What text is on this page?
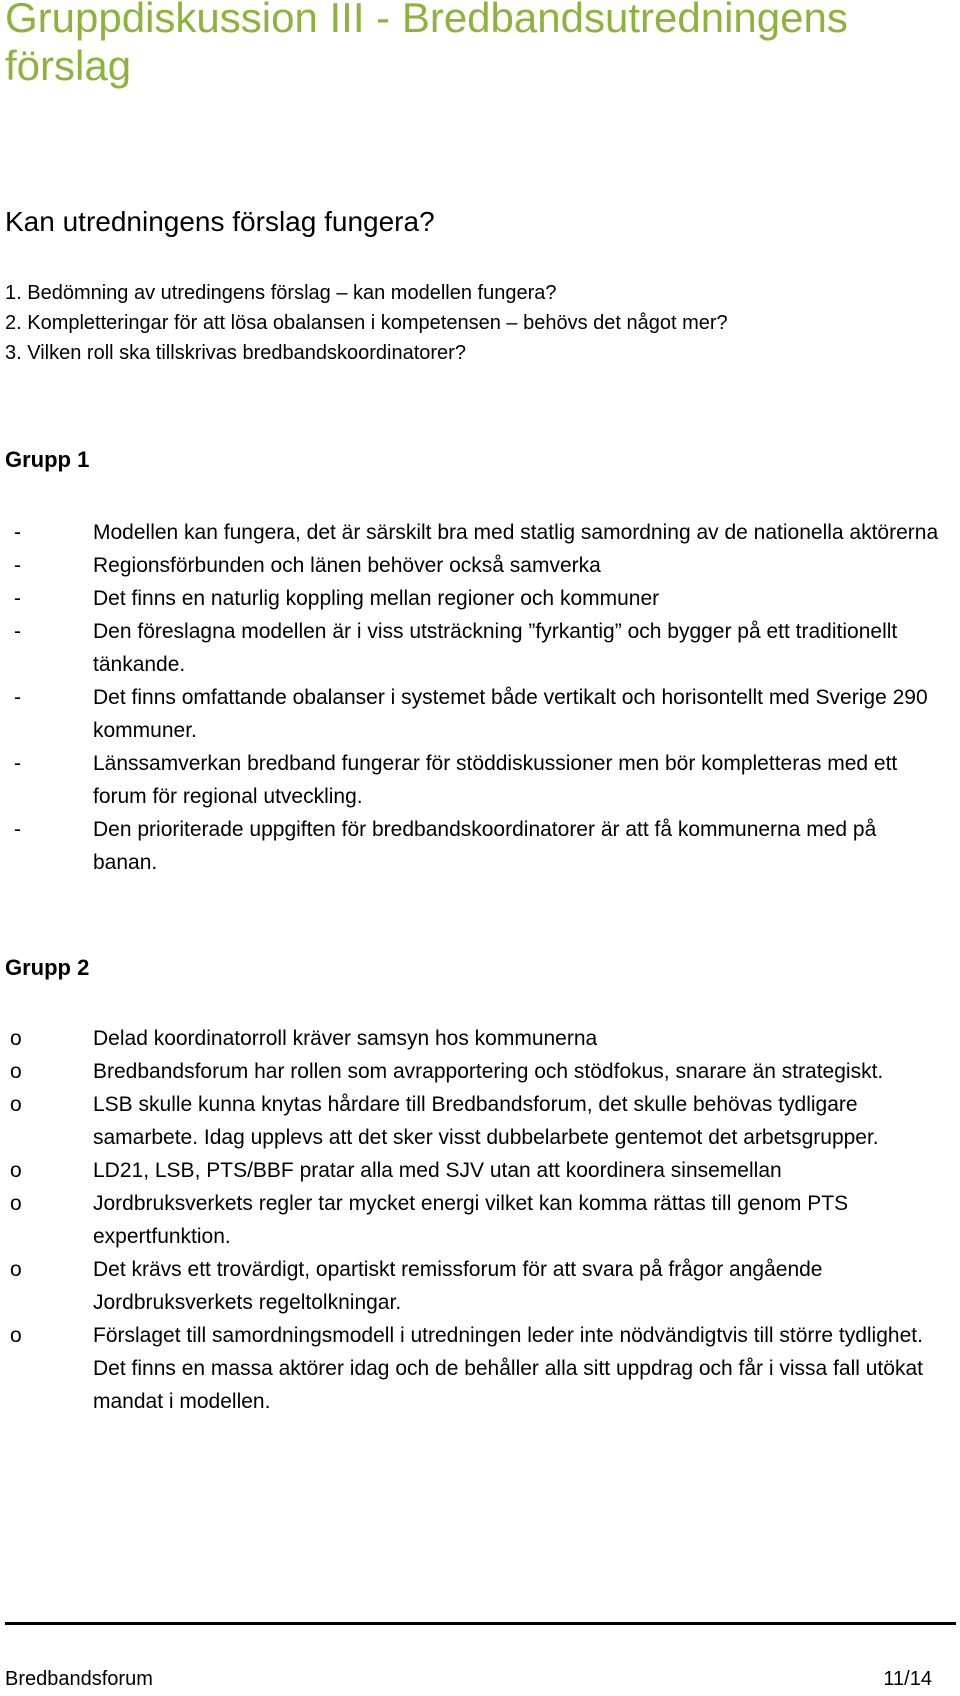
Gruppdiskussion III - Bredbandsutredningens förslag
Kan utredningens förslag fungera?
1. Bedömning av utredingens förslag – kan modellen fungera?
2. Kompletteringar för att lösa obalansen i kompetensen – behövs det något mer?
3. Vilken roll ska tillskrivas bredbandskoordinatorer?
Grupp 1
-	Modellen kan fungera, det är särskilt bra med statlig samordning av de nationella aktörerna
-	Regionsförbunden och länen behöver också samverka
-	Det finns en naturlig koppling mellan regioner och kommuner
-	Den föreslagna modellen är i viss utsträckning ”fyrkantig” och bygger på ett traditionellt tänkande.
-	Det finns omfattande obalanser i systemet både vertikalt och horisontellt med Sverige 290 kommuner.
-	Länssamverkan bredband fungerar för stöddiskussioner men bör kompletteras med ett forum för regional utveckling.
-	Den prioriterade uppgiften för bredbandskoordinatorer är att få kommunerna med på banan.
Grupp 2
o	Delad koordinatorroll kräver samsyn hos kommunerna
o	Bredbandsforum har rollen som avrapportering och stödfokus, snarare än strategiskt.
o	LSB skulle kunna knytas hårdare till Bredbandsforum, det skulle behövas tydligare samarbete. Idag upplevs att det sker visst dubbelarbete gentemot det arbetsgrupper.
o	LD21, LSB, PTS/BBF pratar alla med SJV utan att koordinera sinsemellan
o	Jordbruksverkets regler tar mycket energi vilket kan komma rättas till genom PTS expertfunktion.
o	Det krävs ett trovärdigt, opartiskt remissforum för att svara på frågor angående Jordbruksverkets regeltolkningar.
o	Förslaget till samordningsmodell i utredningen leder inte nödvändigtvis till större tydlighet. Det finns en massa aktörer idag och de behåller alla sitt uppdrag och får i vissa fall utökat mandat i modellen.
Bredbandsforum	11/14
